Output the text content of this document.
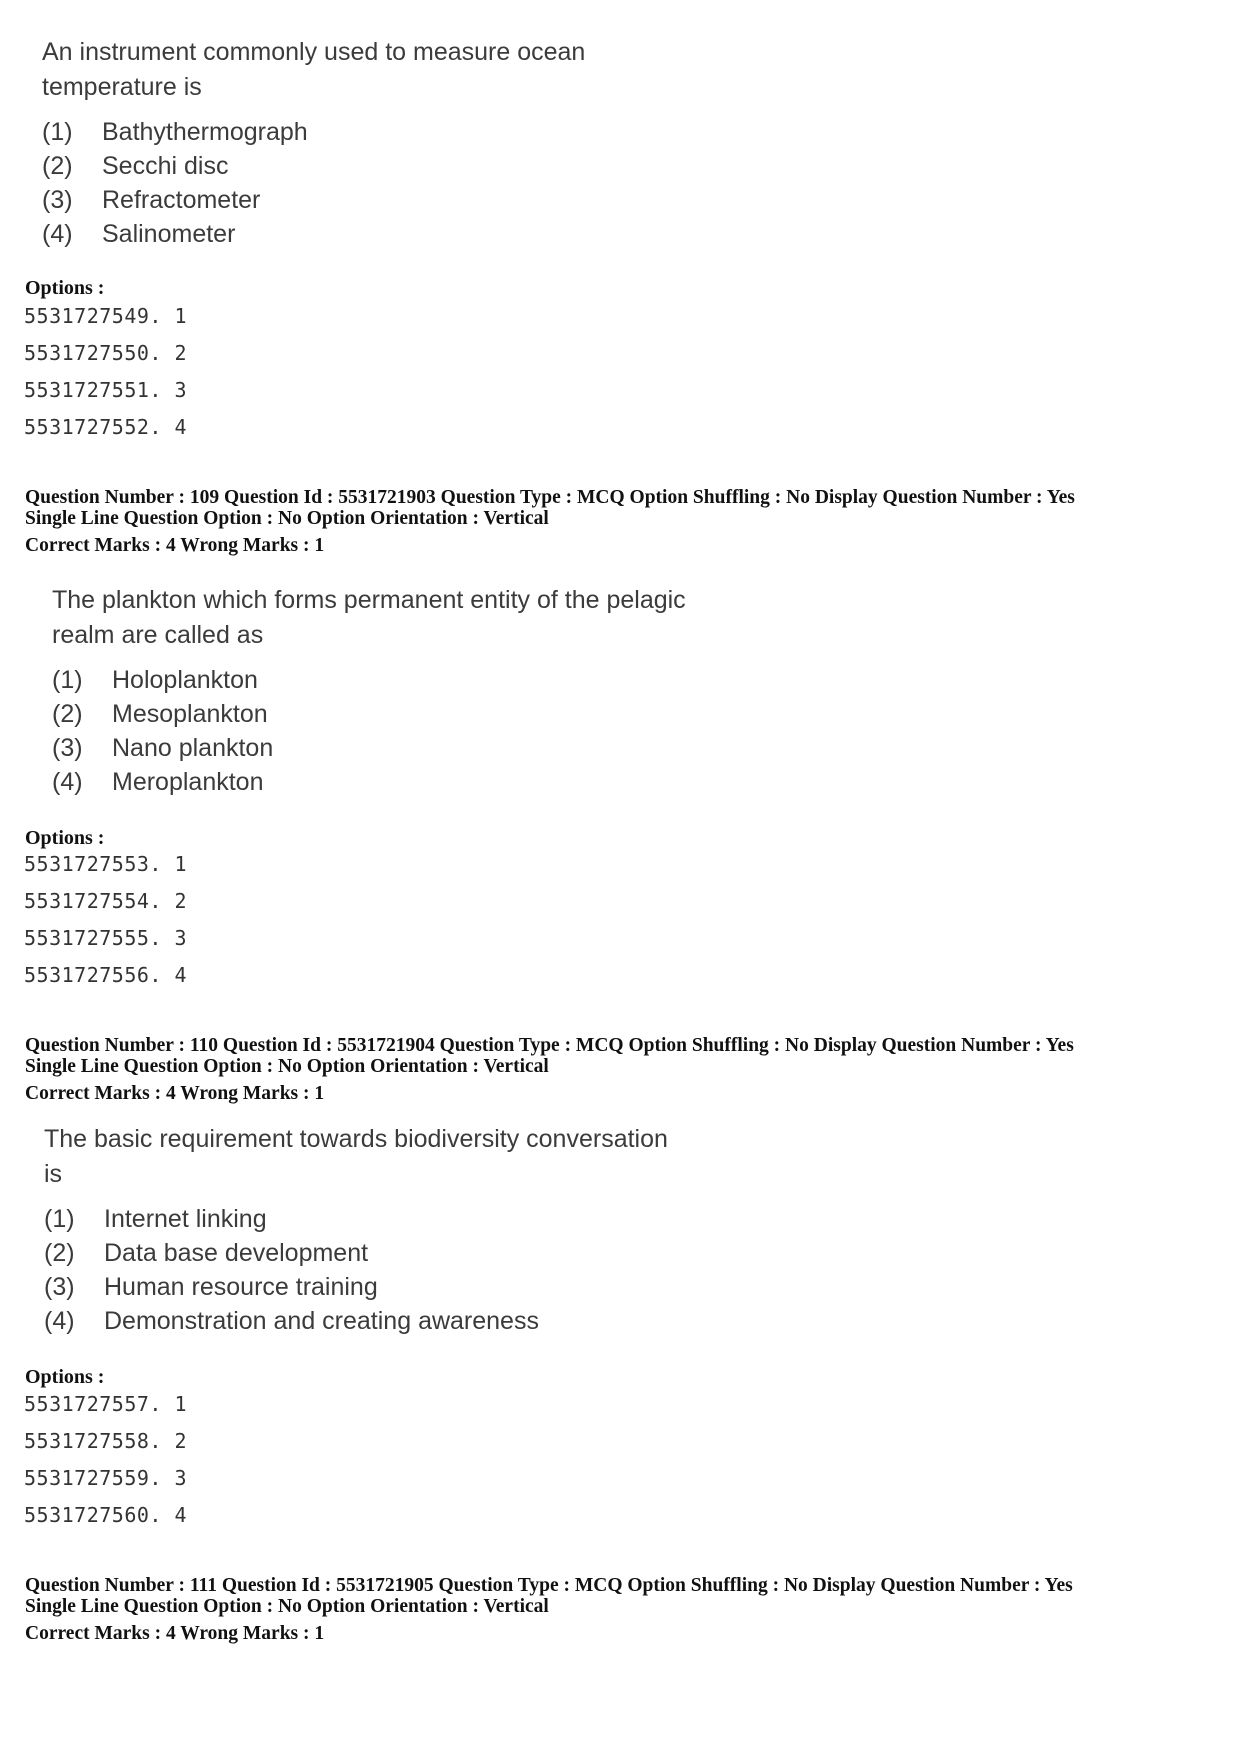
An instrument commonly used to measure ocean
temperature is
(1)	Bathythermograph
(2)	Secchi disc
(3)	Refractometer
(4)	Salinometer
Options :
5531727549. 1
5531727550. 2
5531727551. 3
5531727552. 4
Question Number : 109 Question Id : 5531721903 Question Type : MCQ Option Shuffling : No Display Question Number : Yes
Single Line Question Option : No Option Orientation : Vertical
Correct Marks : 4 Wrong Marks : 1
The plankton which forms permanent entity of the pelagic
realm are called as
(1)	Holoplankton
(2)	Mesoplankton
(3)	Nano plankton
(4)	Meroplankton
Options :
5531727553. 1
5531727554. 2
5531727555. 3
5531727556. 4
Question Number : 110 Question Id : 5531721904 Question Type : MCQ Option Shuffling : No Display Question Number : Yes
Single Line Question Option : No Option Orientation : Vertical
Correct Marks : 4 Wrong Marks : 1
The basic requirement towards biodiversity conversation
is
(1)	Internet linking
(2)	Data base development
(3)	Human resource training
(4)	Demonstration and creating awareness
Options :
5531727557. 1
5531727558. 2
5531727559. 3
5531727560. 4
Question Number : 111 Question Id : 5531721905 Question Type : MCQ Option Shuffling : No Display Question Number : Yes
Single Line Question Option : No Option Orientation : Vertical
Correct Marks : 4 Wrong Marks : 1
